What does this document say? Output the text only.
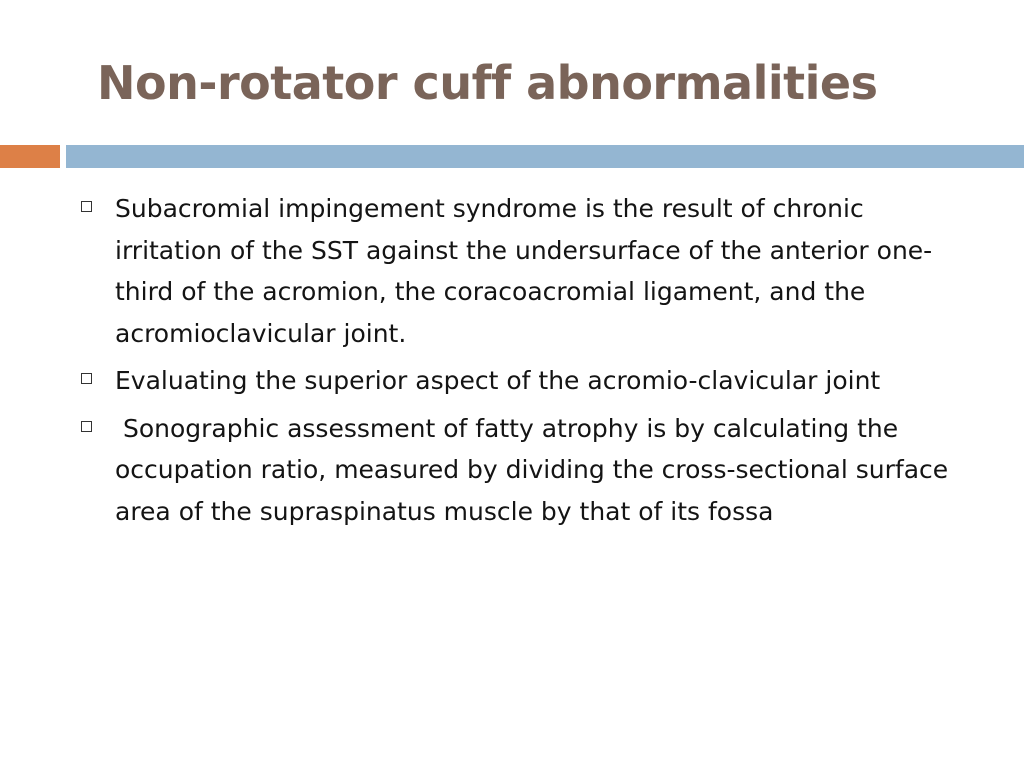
Non-rotator cuff abnormalities
Subacromial impingement syndrome is the result of chronic irritation of the SST against the undersurface of the anterior one-third of the acromion, the coracoacromial ligament, and the acromioclavicular joint.
Evaluating the superior aspect of the acromio-clavicular joint
Sonographic assessment of fatty atrophy is by calculating the occupation ratio, measured by dividing the cross-sectional surface area of the supraspinatus muscle by that of its fossa
